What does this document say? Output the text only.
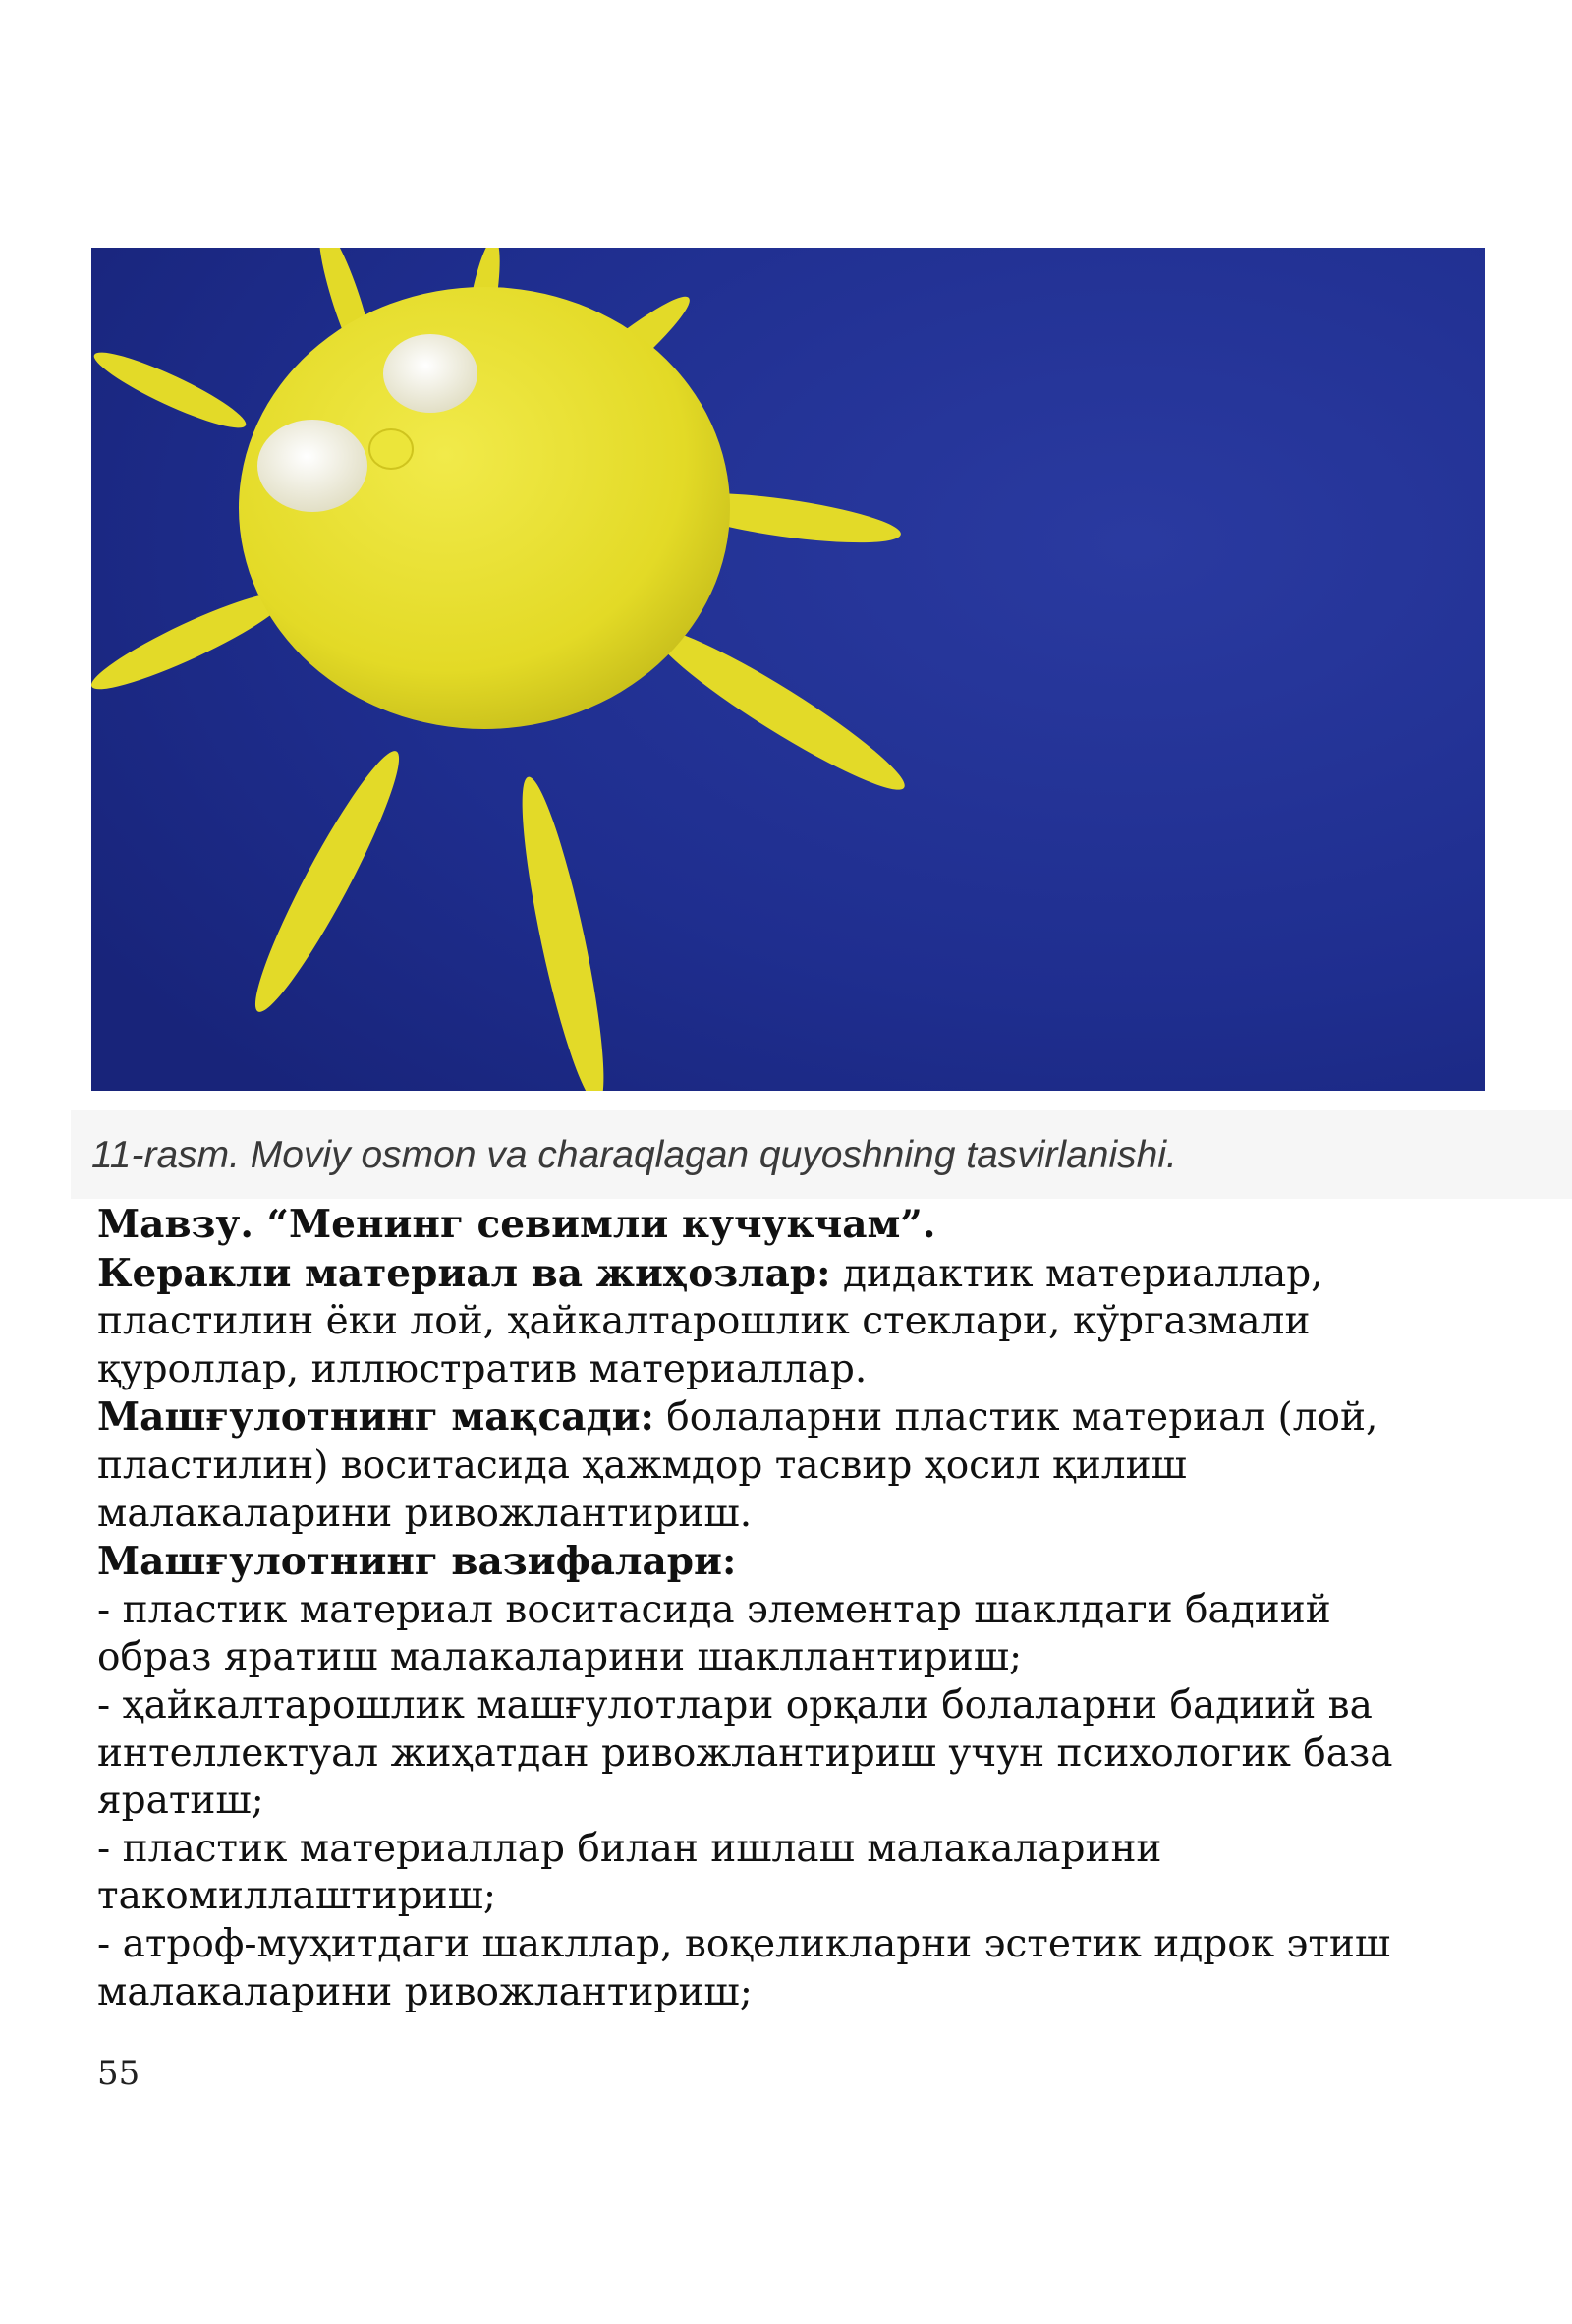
11-rasm. Moviy osmon va charaqlagan quyoshning tasvirlanishi.

Мавзу. “Менинг севимли кучукчам”.

Керакли материал ва жиҳозлар: дидактик материаллар,

пластилин ёки лой, ҳайкалтарошлик стеклари, кўргазмали

қуроллар, иллюстратив материаллар.

Машғулотнинг мақсади: болаларни пластик материал (лой,

пластилин) воситасида ҳажмдор тасвир ҳосил қилиш

малакаларини ривожлантириш.

Машғулотнинг вазифалари:

- пластик материал воситасида элементар шаклдаги бадиий

образ яратиш малакаларини шакллантириш;

- ҳайкалтарошлик машғулотлари орқали болаларни бадиий ва

интеллектуал жиҳатдан ривожлантириш учун психологик база

яратиш;

- пластик материаллар билан ишлаш малакаларини

такомиллаштириш;

- атроф-муҳитдаги шакллар, воқеликларни эстетик идрок этиш

малакаларини ривожлантириш;

55
